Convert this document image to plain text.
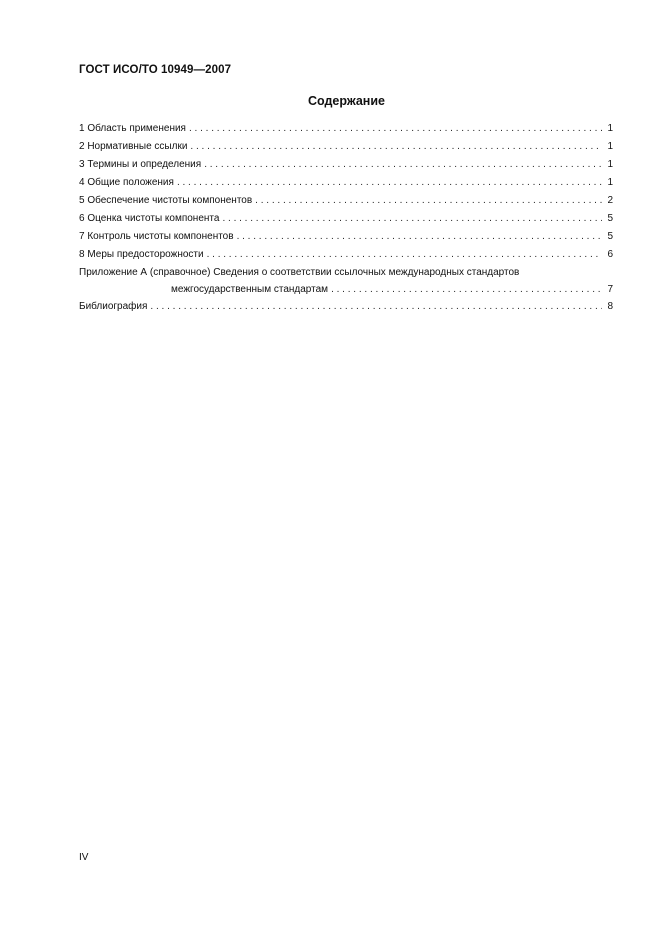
ГОСТ ИСО/ТО 10949—2007
Содержание
1 Область применения . . .	1
2 Нормативные ссылки . . .	1
3 Термины и определения . . .	1
4 Общие положения . . .	1
5 Обеспечение чистоты компонентов . . .	2
6 Оценка чистоты компонента . . .	5
7 Контроль чистоты компонентов . . .	5
8 Меры предосторожности . . .	6
Приложение А (справочное) Сведения о соответствии ссылочных международных стандартов
межгосударственным стандартам . . .	7
Библиография . . .	8
IV
